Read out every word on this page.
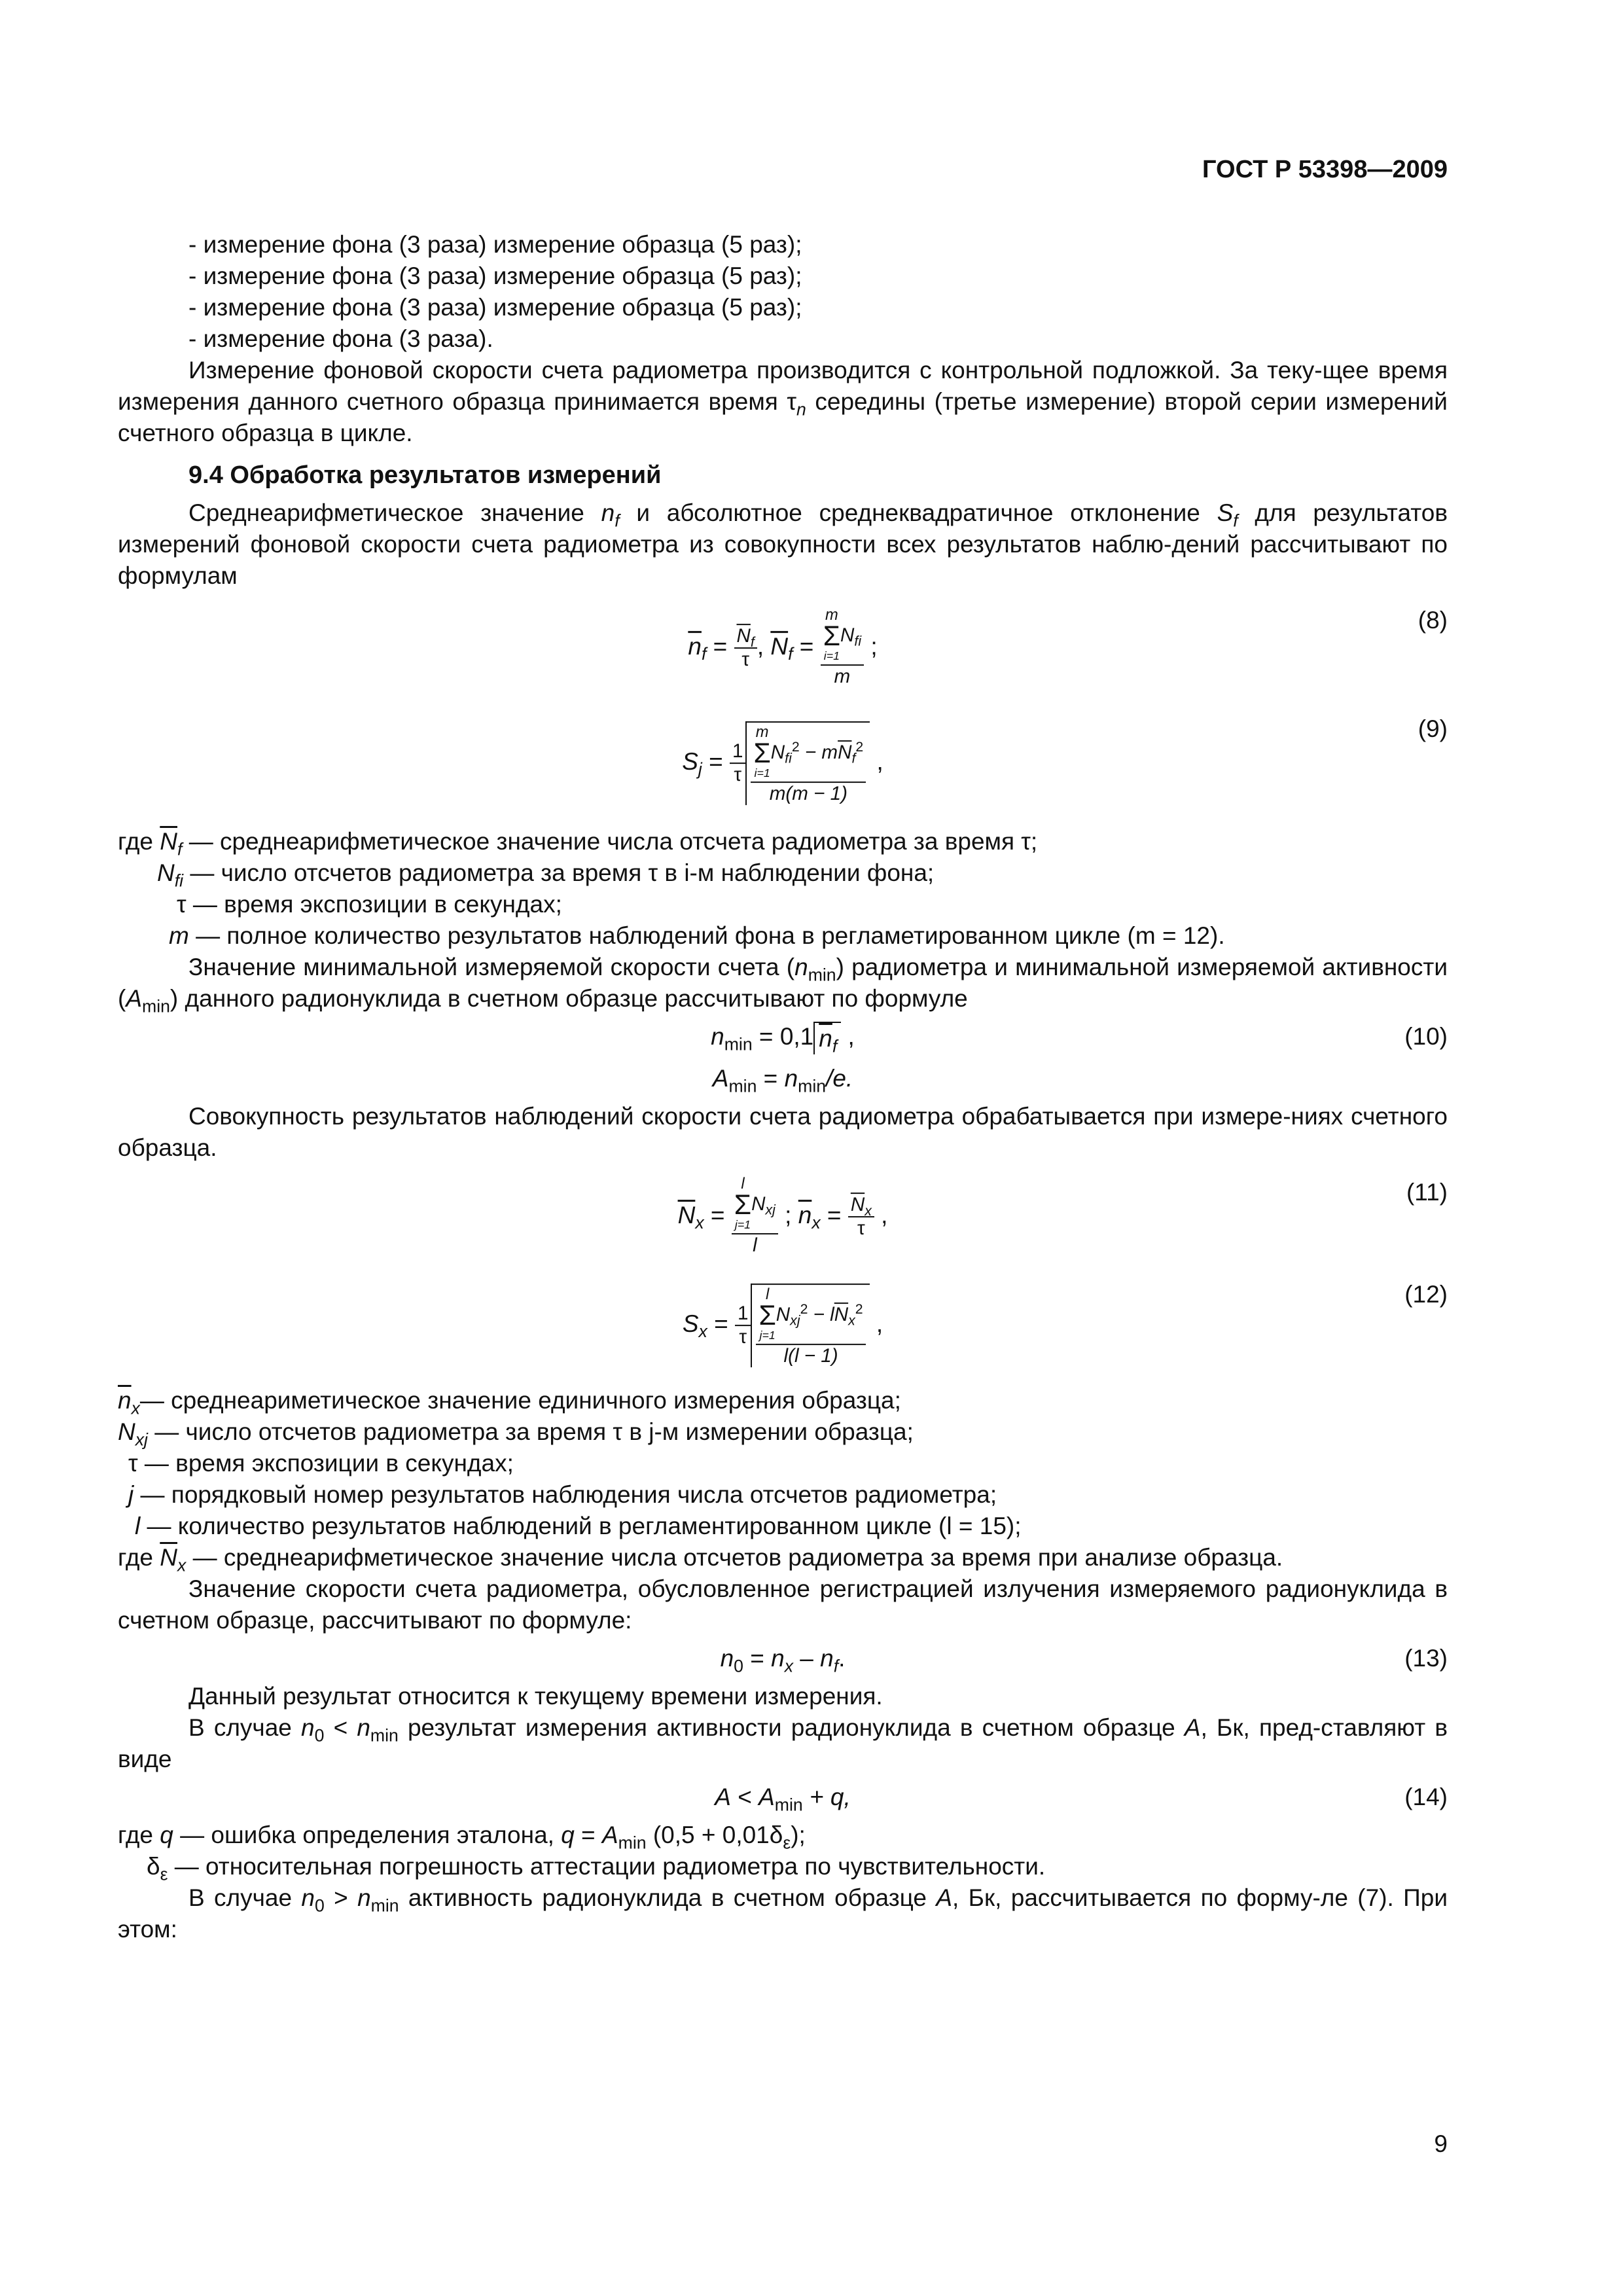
ГОСТ Р 53398—2009

- измерение фона (3 раза) измерение образца (5 раз);

- измерение фона (3 раза) измерение образца (5 раз);

- измерение фона (3 раза) измерение образца (5 раз);

- измерение фона (3 раза).

Измерение фоновой скорости счета радиометра производится с контрольной подложкой. За теку-щее время измерения данного счетного образца принимается время $\tau_n$ середины (третье измерение) второй серии измерений счетного образца в цикле.

9.4 Обработка результатов измерений

Среднеарифметическое значение $n_f$ и абсолютное среднеквадратичное отклонение $S_f$ для результатов измерений фоновой скорости счета радиометра из совокупности всех результатов наблю-дений рассчитывают по формулам

$\overline{n}_f = \frac{\overline{N}_f}{\tau}$ , $\overline{N}_f$ =
m
Σ
i=1
$N_{fi}$
m
;
(8)
$S_j = \frac{1}{\tau}$
m
Σ
i=1
$N_{fi}^2 - m\overline{N}_f^2$
m(m − 1)
,
(9)

где $\overline{N}_f$ — среднеарифметическое значение числа отсчета радиометра за время τ;

$N_{fi}$ — число отсчетов радиометра за время τ в i-м наблюдении фона;

τ — время экспозиции в секундах;

m — полное количество результатов наблюдений фона в регламетированном цикле (m = 12).

Значение минимальной измеряемой скорости счета $(n_{min})$ радиометра и минимальной измеряемой активности $(A_{min})$ данного радионуклида в счетном образце рассчитывают по формуле

$n_{min} = 0,1$ $\overline{n}_f$ ,	(10)
$A_{min} = n_{min}/e$.

Совокупность результатов наблюдений скорости счета радиометра обрабатывается при измере-ниях счетного образца.

$\overline{N}_x$ =
l
Σ
j=1
$N_{xj}$
l
; $\overline{n}_x = \frac{\overline{N}_x}{\tau}$ ,
(11)
$S_x = \frac{1}{\tau}$
l
Σ
j=1
$N_{xj}^2 - l\overline{N}_x^2$
l(l − 1)
,
(12)

$\overline{n}_x—$ среднеариметическое значение единичного измерения образца;

$N_{xj}$ — число отсчетов радиометра за время τ в j-м измерении образца;

τ — время экспозиции в секундах;

j — порядковый номер результатов наблюдения числа отсчетов радиометра;

l — количество результатов наблюдений в регламентированном цикле (l = 15);

где $\overline{N}_x$ — среднеарифметическое значение числа отсчетов радиометра за время при анализе образца.

Значение скорости счета радиометра, обусловленное регистрацией излучения измеряемого радионуклида в счетном образце, рассчитывают по формуле:

$n_0 = n_x - n_f$.	(13)

Данный результат относится к текущему времени измерения.

В случае $n_0 < n_{min}$ результат измерения активности радионуклида в счетном образце A, Бк, пред-ставляют в виде

$A < A_{min} + q$,	(14)

где q — ошибка определения эталона, $q = A_{min}$ $(0,5 + 0,01\delta_\varepsilon)$;

$\delta_\varepsilon$ — относительная погрешность аттестации радиометра по чувствительности.

В случае $n_0 > n_{min}$ активность радионуклида в счетном образце A, Бк, рассчитывается по форму-ле (7). При этом:

9
